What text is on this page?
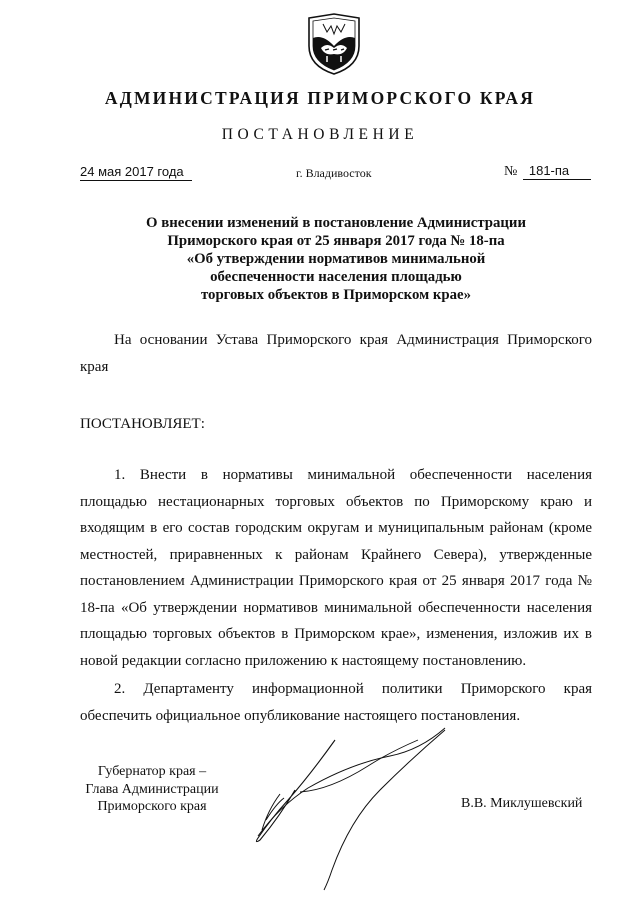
АДМИНИСТРАЦИЯ ПРИМОРСКОГО КРАЯ
ПОСТАНОВЛЕНИЕ
24 мая 2017 года	г. Владивосток	№ 181-па
О внесении изменений в постановление Администрации
Приморского края от 25 января 2017 года № 18-па
«Об утверждении нормативов минимальной
обеспеченности населения площадью
торговых объектов в Приморском крае»
На основании Устава Приморского края Администрация Приморского края
ПОСТАНОВЛЯЕТ:
1. Внести в нормативы минимальной обеспеченности населения площадью нестационарных торговых объектов по Приморскому краю и входящим в его состав городским округам и муниципальным районам (кроме местностей, приравненных к районам Крайнего Севера), утвержденные постановлением Администрации Приморского края от 25 января 2017 года № 18-па «Об утверждении нормативов минимальной обеспеченности населения площадью торговых объектов в Приморском крае», изменения, изложив их в новой редакции согласно приложению к настоящему постановлению.
2. Департаменту информационной политики Приморского края обеспечить официальное опубликование настоящего постановления.
Губернатор края –
Глава Администрации
Приморского края	В.В. Миклушевский
